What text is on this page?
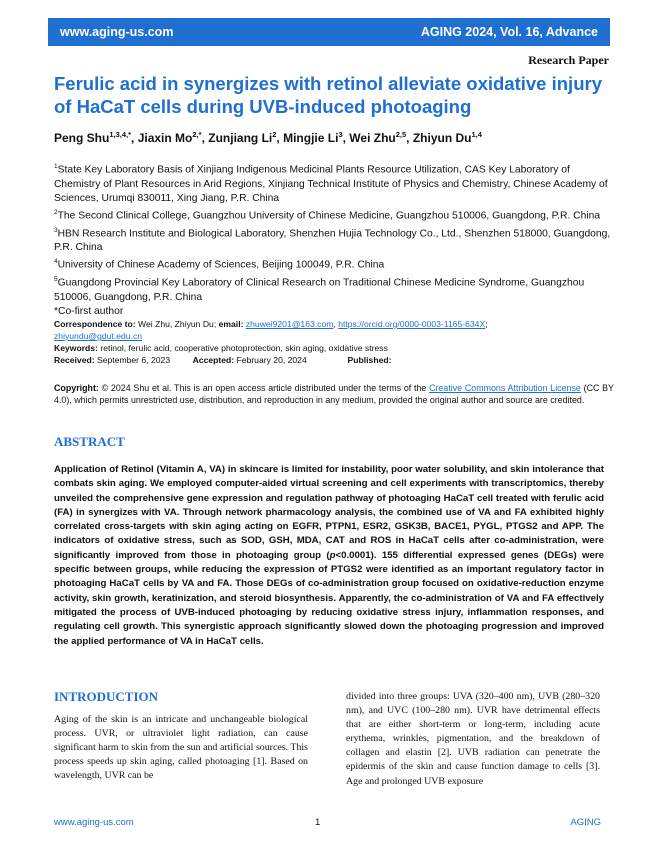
www.aging-us.com	AGING 2024, Vol. 16, Advance
Research Paper
Ferulic acid in synergizes with retinol alleviate oxidative injury of HaCaT cells during UVB-induced photoaging
Peng Shu$^{1,3,4,*}$, Jiaxin $Mo^{2,*}$, Zunjiang Li$^2$, Mingjie Li$^3$, Wei Zhu$^{2,5}$, Zhiyun Du$^{1,4}$

$^1$State Key Laboratory Basis of Xinjiang Indigenous Medicinal Plants Resource Utilization, CAS Key Laboratory of Chemistry of Plant Resources in Arid Regions, Xinjiang Technical Institute of Physics and Chemistry, Chinese Academy of Sciences, Urumqi 830011, Xing Jiang, P.R. China

$^2$The Second Clinical College, Guangzhou University of Chinese Medicine, Guangzhou 510006, Guangdong, P.R. China

$^3$HBN Research Institute and Biological Laboratory, Shenzhen Hujia Technology Co., Ltd., Shenzhen 518000, Guangdong, P.R. China

$^4$University of Chinese Academy of Sciences, Beijing 100049, P.R. China

$^5$Guangdong Provincial Key Laboratory of Clinical Research on Traditional Chinese Medicine Syndrome, Guangzhou 510006, Guangdong, P.R. China

*Co-first author

Correspondence to: Wei Zhu, Zhiyun Du; email: zhuwei9201@163.com, https://orcid.org/0000-0003-1165-634X;

zhiyundu@gdut.edu.cn

Keywords: retinol, ferulic acid, cooperative photoprotection, skin aging, oxidative stress

Received: September 6, 2023	Accepted: February 20, 2024	Published:

Copyright: © 2024 Shu et al. This is an open access article distributed under the terms of the Creative Commons Attribution License (CC BY 4.0), which permits unrestricted use, distribution, and reproduction in any medium, provided the original author and source are credited.

ABSTRACT

Application of Retinol (Vitamin A, VA) in skincare is limited for instability, poor water solubility, and skin intolerance that combats skin aging. We employed computer-aided virtual screening and cell experiments with transcriptomics, thereby unveiled the comprehensive gene expression and regulation pathway of photoaging HaCaT cell treated with ferulic acid (FA) in synergizes with VA. Through network pharmacology analysis, the combined use of VA and FA exhibited highly correlated cross-targets with skin aging acting on EGFR, PTPN1, ESR2, GSK3B, BACE1, PYGL, PTGS2 and APP. The indicators of oxidative stress, such as SOD, GSH, MDA, CAT and ROS in HaCaT cells after co-administration, were significantly improved from those in photoaging group (p<0.0001). 155 differential expressed genes (DEGs) were specific between groups, while reducing the expression of PTGS2 were identified as an important regulatory factor in photoaging HaCaT cells by VA and FA. Those DEGs of co-administration group focused on oxidative-reduction enzyme activity, skin growth, keratinization, and steroid biosynthesis. Apparently, the co-administration of VA and FA effectively mitigated the process of UVB-induced photoaging by reducing oxidative stress injury, inflammation responses, and regulating cell growth. This synergistic approach significantly slowed down the photoaging progression and improved the applied performance of VA in HaCaT cells.

INTRODUCTION

Aging of the skin is an intricate and unchangeable biological process. UVR, or ultraviolet light radiation, can cause significant harm to skin from the sun and artificial sources. This process speeds up skin aging, called photoaging [1]. Based on wavelength, UVR can be

divided into three groups: UVA (320–400 nm), UVB (280–320 nm), and UVC (100–280 nm). UVR have detrimental effects that are either short-term or long-term, including acute erythema, wrinkles, pigmentation, and the breakdown of collagen and elastin [2]. UVB radiation can penetrate the epidermis of the skin and cause function damage to cells [3]. Age and prolonged UVB exposure

www.aging-us.com	1	AGING
